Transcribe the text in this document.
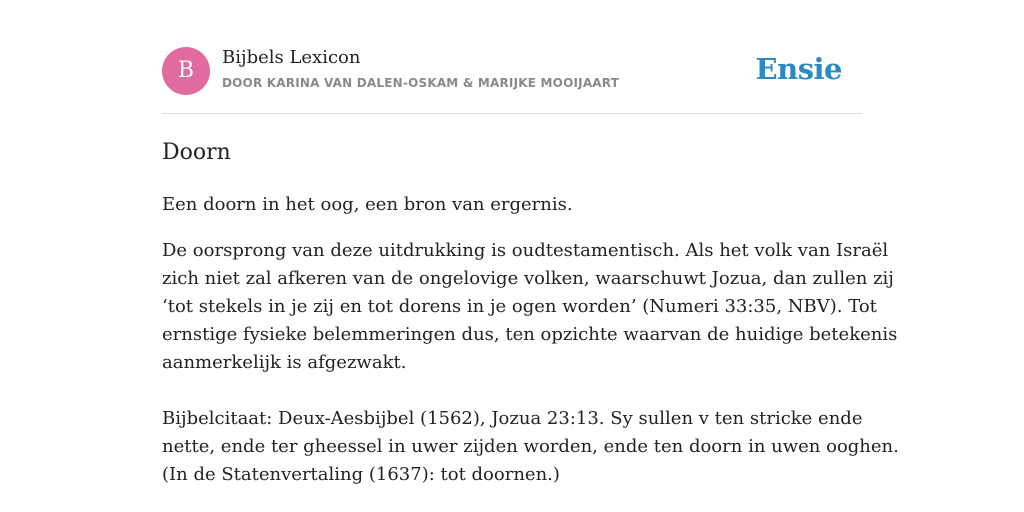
B
Bijbels Lexicon
DOOR KARINA VAN DALEN-OSKAM & MARIJKE MOOIJAART	Ensie
Doorn
Een doorn in het oog, een bron van ergernis.
De oorsprong van deze uitdrukking is oudtestamentisch. Als het volk van Israël
zich niet zal afkeren van de ongelovige volken, waarschuwt Jozua, dan zullen zij
‘tot stekels in je zij en tot dorens in je ogen worden’ (Numeri 33:35, NBV). Tot
ernstige fysieke belemmeringen dus, ten opzichte waarvan de huidige betekenis
aanmerkelijk is afgezwakt.
Bijbelcitaat: Deux-Aesbijbel (1562), Jozua 23:13. Sy sullen v ten stricke ende
nette, ende ter gheessel in uwer zijden worden, ende ten doorn in uwen ooghen.
(In de Statenvertaling (1637): tot doornen.)
